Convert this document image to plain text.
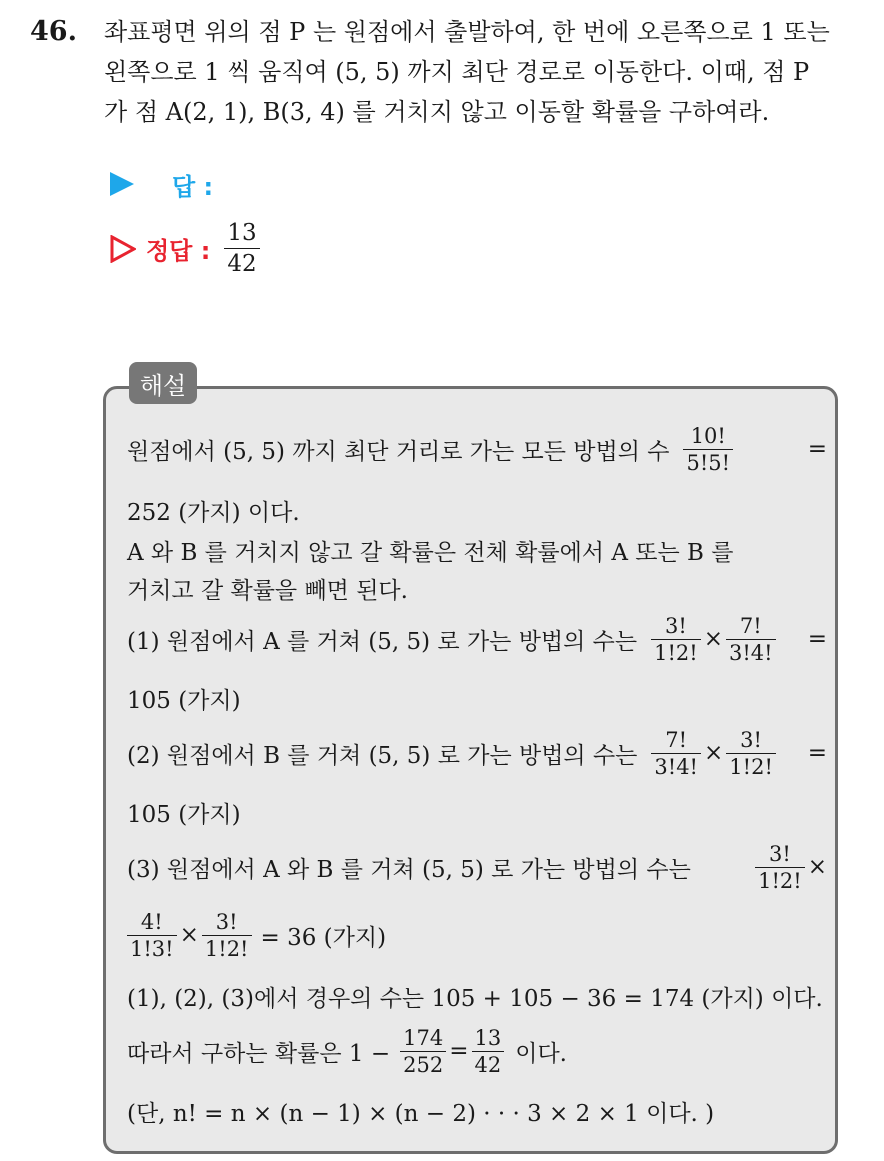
46. 좌표평면 위의 점 P 는 원점에서 출발하여, 한 번에 오른쪽으로 1 또는
왼쪽으로 1 씩 움직여 (5, 5) 까지 최단 경로로 이동한다. 이때, 점 P
가 점 A(2, 1), B(3, 4) 를 거치지 않고 이동할 확률을 구하여라.
답 :
정답 : $\frac{13}{42}$
원점에서 (5, 5) 까지 최단 거리로 가는 모든 방법의 수 $\frac{10!}{5!5!}$	=
252 (가지) 이다.
A 와 B 를 거치지 않고 갈 확률은 전체 확률에서 A 또는 B 를
거치고 갈 확률을 빼면 된다.
(1) 원점에서 A 를 거쳐 (5, 5) 로 가는 방법의 수는 $\frac{3!}{1!2!} \times \frac{7!}{3!4!}$ =
105 (가지)
(2) 원점에서 B 를 거쳐 (5, 5) 로 가는 방법의 수는 $\frac{7!}{3!4!} \times \frac{3!}{1!2!}$ =
105 (가지)
(3) 원점에서 A 와 B 를 거쳐 (5, 5) 로 가는 방법의 수는	$\frac{3!}{1!2!}$ ×
$\frac{4!}{1!3!} \times \frac{3!}{1!2!} = 36$ (가지)
(1), (2), (3)에서 경우의 수는 105 + 105 − 36 = 174 (가지) 이다.
따라서 구하는 확률은 $1 - \frac{174}{252} = \frac{13}{42}$ 이다.
(단, n! = n × (n − 1) × (n − 2) · · · 3 × 2 × 1 이다. )
해설
